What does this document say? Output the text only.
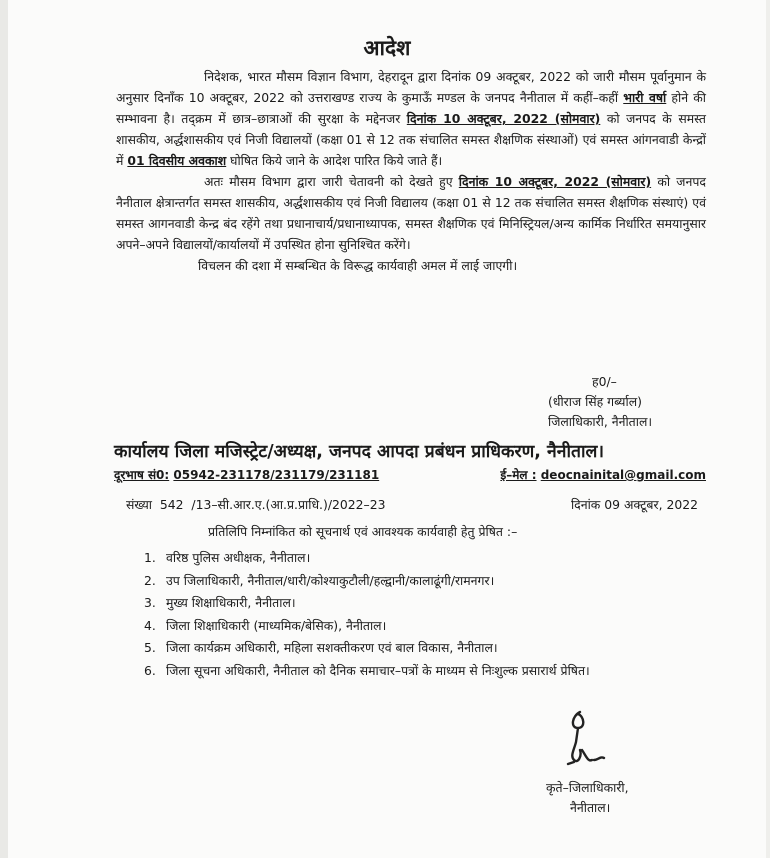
आदेश

निदेशक, भारत मौसम विज्ञान विभाग, देहरादून द्वारा दिनांक 09 अक्टूबर, 2022 को जारी मौसम पूर्वानुमान के अनुसार दिनाँक 10 अक्टूबर, 2022 को उत्तराखण्ड राज्य के कुमाऊँ मण्डल के जनपद नैनीताल में कहीं–कहीं भारी वर्षा होने की सम्भावना है। तद्क्रम में छात्र–छात्राओं की सुरक्षा के मद्देनजर दिनांक 10 अक्टूबर, 2022 (सोमवार) को जनपद के समस्त शासकीय, अर्द्धशासकीय एवं निजी विद्यालयों (कक्षा 01 से 12 तक संचालित समस्त शैक्षणिक संस्थाओं) एवं समस्त आंगनवाडी केन्द्रों में 01 दिवसीय अवकाश घोषित किये जाने के आदेश पारित किये जाते हैं।

अतः मौसम विभाग द्वारा जारी चेतावनी को देखते हुए दिनांक 10 अक्टूबर, 2022 (सोमवार) को जनपद नैनीताल क्षेत्रान्तर्गत समस्त शासकीय, अर्द्धशासकीय एवं निजी विद्यालय (कक्षा 01 से 12 तक संचालित समस्त शैक्षणिक संस्थाएं) एवं समस्त आगनवाडी केन्द्र बंद रहेंगे तथा प्रधानाचार्य/प्रधानाध्यापक, समस्त शैक्षणिक एवं मिनिस्ट्रियल/अन्य कार्मिक निर्धारित समयानुसार अपने–अपने विद्यालयों/कार्यालयों में उपस्थित होना सुनिश्चित करेंगे।

विचलन की दशा में सम्बन्धित के विरूद्ध कार्यवाही अमल में लाई जाएगी।

ह0/–
(धीराज सिंह गर्ब्याल)
जिलाधिकारी, नैनीताल।
कार्यालय जिला मजिस्ट्रेट/अध्यक्ष, जनपद आपदा प्रबंधन प्राधिकरण, नैनीताल।
दूरभाष सं0: 05942-231178/231179/231181	ई–मेल : deocnainital@gmail.com
संख्या  542  /13–सी.आर.ए.(आ.प्र.प्राधि.)/2022–23	दिनांक 09 अक्टूबर, 2022
प्रतिलिपि निम्नांकित को सूचनार्थ एवं आवश्यक कार्यवाही हेतु प्रेषित :–
1. वरिष्ठ पुलिस अधीक्षक, नैनीताल।
2. उप जिलाधिकारी, नैनीताल/धारी/कोश्याकुटौली/हल्द्वानी/कालाढूंगी/रामनगर।
3. मुख्य शिक्षाधिकारी, नैनीताल।
4. जिला शिक्षाधिकारी (माध्यमिक/बेसिक), नैनीताल।
5. जिला कार्यक्रम अधिकारी, महिला सशक्तीकरण एवं बाल विकास, नैनीताल।
6. जिला सूचना अधिकारी, नैनीताल को दैनिक समाचार–पत्रों के माध्यम से निःशुल्क प्रसारार्थ प्रेषित।
कृते–जिलाधिकारी,
नैनीताल।
